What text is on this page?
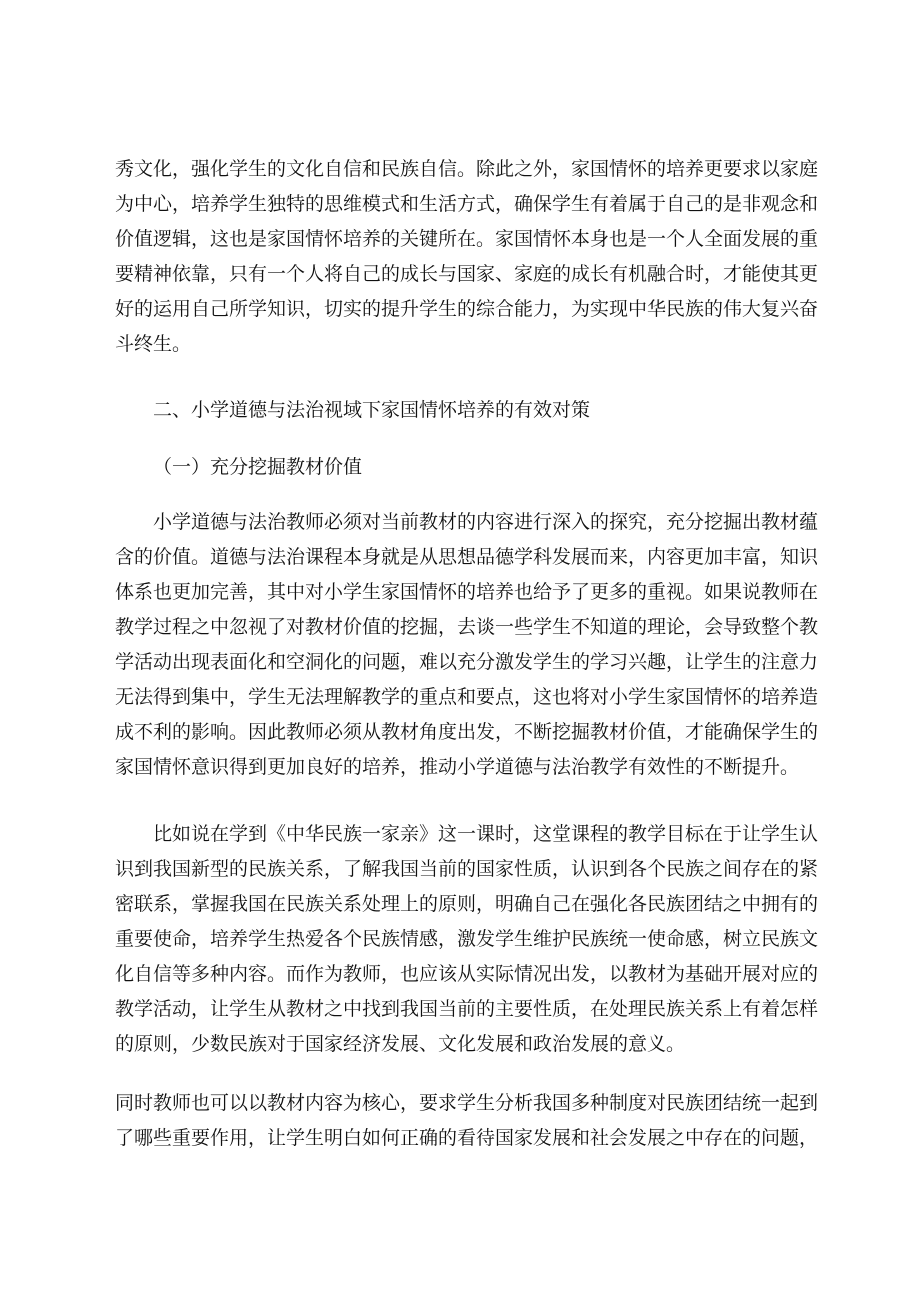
秀文化，强化学生的文化自信和民族自信。除此之外，家国情怀的培养更要求以家庭
为中心，培养学生独特的思维模式和生活方式，确保学生有着属于自己的是非观念和
价值逻辑，这也是家国情怀培养的关键所在。家国情怀本身也是一个人全面发展的重
要精神依靠，只有一个人将自己的成长与国家、家庭的成长有机融合时，才能使其更
好的运用自己所学知识，切实的提升学生的综合能力，为实现中华民族的伟大复兴奋
斗终生。
二、小学道德与法治视域下家国情怀培养的有效对策
（一）充分挖掘教材价值
小学道德与法治教师必须对当前教材的内容进行深入的探究，充分挖掘出教材蕴
含的价值。道德与法治课程本身就是从思想品德学科发展而来，内容更加丰富，知识
体系也更加完善，其中对小学生家国情怀的培养也给予了更多的重视。如果说教师在
教学过程之中忽视了对教材价值的挖掘，去谈一些学生不知道的理论，会导致整个教
学活动出现表面化和空洞化的问题，难以充分激发学生的学习兴趣，让学生的注意力
无法得到集中，学生无法理解教学的重点和要点，这也将对小学生家国情怀的培养造
成不利的影响。因此教师必须从教材角度出发，不断挖掘教材价值，才能确保学生的
家国情怀意识得到更加良好的培养，推动小学道德与法治教学有效性的不断提升。
比如说在学到《中华民族一家亲》这一课时，这堂课程的教学目标在于让学生认
识到我国新型的民族关系，了解我国当前的国家性质，认识到各个民族之间存在的紧
密联系，掌握我国在民族关系处理上的原则，明确自己在强化各民族团结之中拥有的
重要使命，培养学生热爱各个民族情感，激发学生维护民族统一使命感，树立民族文
化自信等多种内容。而作为教师，也应该从实际情况出发，以教材为基础开展对应的
教学活动，让学生从教材之中找到我国当前的主要性质，在处理民族关系上有着怎样
的原则，少数民族对于国家经济发展、文化发展和政治发展的意义。
同时教师也可以以教材内容为核心，要求学生分析我国多种制度对民族团结统一起到
了哪些重要作用，让学生明白如何正确的看待国家发展和社会发展之中存在的问题，
